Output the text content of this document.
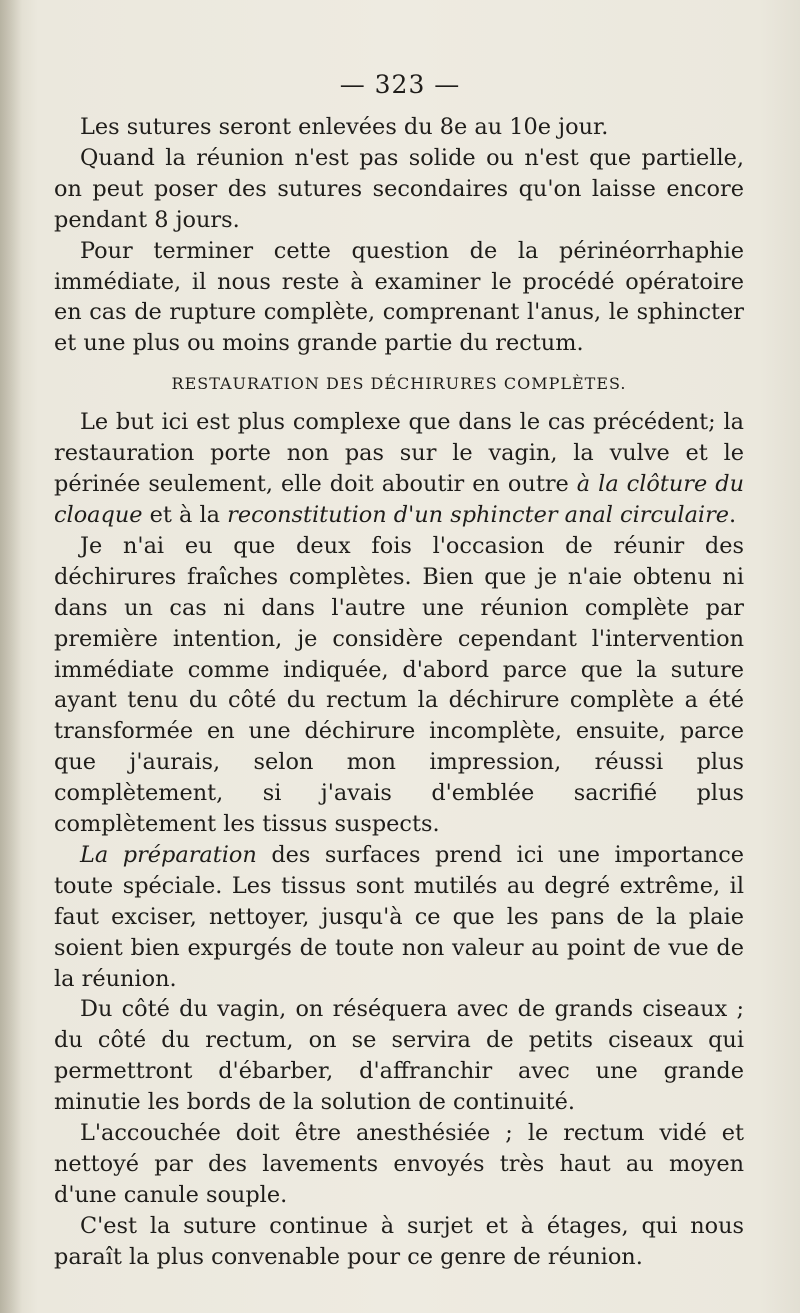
— 323 —

Les sutures seront enlevées du 8e au 10e jour.

Quand la réunion n'est pas solide ou n'est que partielle, on peut poser des sutures secondaires qu'on laisse encore pendant 8 jours.

Pour terminer cette question de la périnéorrhaphie immédiate, il nous reste à examiner le procédé opératoire en cas de rupture complète, comprenant l'anus, le sphincter et une plus ou moins grande partie du rectum.

RESTAURATION DES DÉCHIRURES COMPLÈTES.

Le but ici est plus complexe que dans le cas précédent; la restauration porte non pas sur le vagin, la vulve et le périnée seulement, elle doit aboutir en outre à la clôture du cloaque et à la reconstitution d'un sphincter anal circulaire.

Je n'ai eu que deux fois l'occasion de réunir des déchirures fraîches complètes. Bien que je n'aie obtenu ni dans un cas ni dans l'autre une réunion complète par première intention, je considère cependant l'intervention immédiate comme indiquée, d'abord parce que la suture ayant tenu du côté du rectum la déchirure complète a été transformée en une déchirure incomplète, ensuite, parce que j'aurais, selon mon impression, réussi plus complètement, si j'avais d'emblée sacrifié plus complètement les tissus suspects.

La préparation des surfaces prend ici une importance toute spéciale. Les tissus sont mutilés au degré extrême, il faut exciser, nettoyer, jusqu'à ce que les pans de la plaie soient bien expurgés de toute non valeur au point de vue de la réunion.

Du côté du vagin, on réséquera avec de grands ciseaux ; du côté du rectum, on se servira de petits ciseaux qui permettront d'ébarber, d'affranchir avec une grande minutie les bords de la solution de continuité.

L'accouchée doit être anesthésiée ; le rectum vidé et nettoyé par des lavements envoyés très haut au moyen d'une canule souple.

C'est la suture continue à surjet et à étages, qui nous paraît la plus convenable pour ce genre de réunion.
